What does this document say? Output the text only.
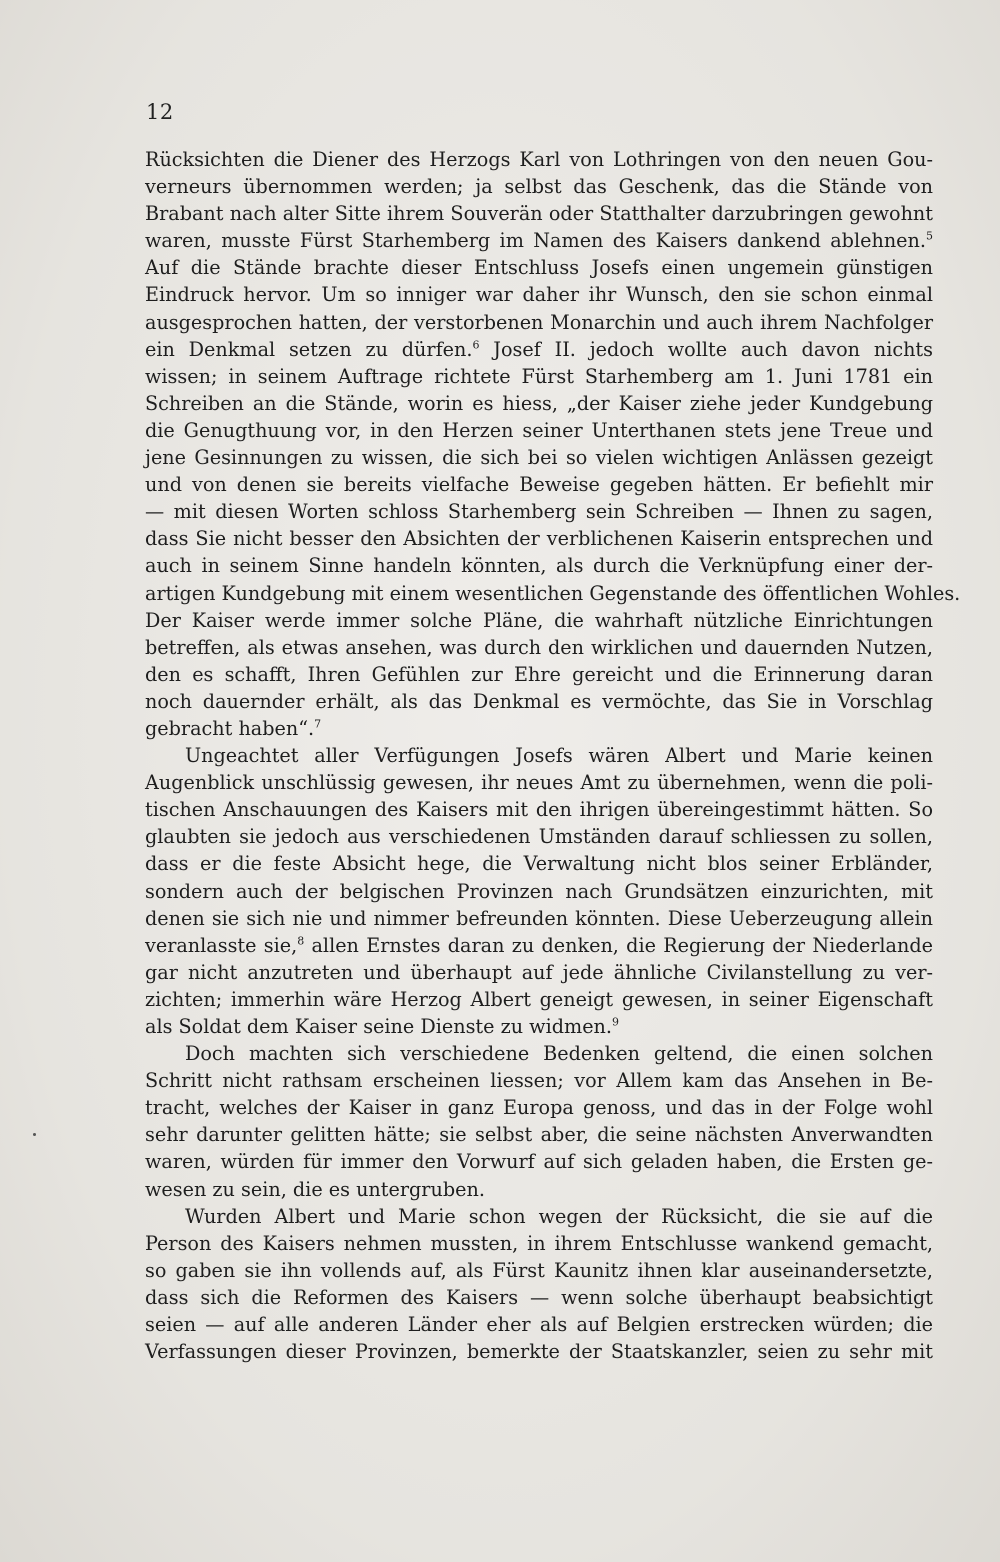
12
Rücksichten die Diener des Herzogs Karl von Lothringen von den neuen Gou-
verneurs übernommen werden; ja selbst das Geschenk, das die Stände von
Brabant nach alter Sitte ihrem Souverän oder Statthalter darzubringen gewohnt
waren, musste Fürst Starhemberg im Namen des Kaisers dankend ablehnen.$^5$
Auf die Stände brachte dieser Entschluss Josefs einen ungemein günstigen
Eindruck hervor. Um so inniger war daher ihr Wunsch, den sie schon einmal
ausgesprochen hatten, der verstorbenen Monarchin und auch ihrem Nachfolger
ein Denkmal setzen zu dürfen.$^6$ Josef II. jedoch wollte auch davon nichts
wissen; in seinem Auftrage richtete Fürst Starhemberg am 1. Juni 1781 ein
Schreiben an die Stände, worin es hiess, „der Kaiser ziehe jeder Kundgebung
die Genugthuung vor, in den Herzen seiner Unterthanen stets jene Treue und
jene Gesinnungen zu wissen, die sich bei so vielen wichtigen Anlässen gezeigt
und von denen sie bereits vielfache Beweise gegeben hätten. Er befiehlt mir
— mit diesen Worten schloss Starhemberg sein Schreiben — Ihnen zu sagen,
dass Sie nicht besser den Absichten der verblichenen Kaiserin entsprechen und
auch in seinem Sinne handeln könnten, als durch die Verknüpfung einer der-
artigen Kundgebung mit einem wesentlichen Gegenstande des öffentlichen Wohles.
Der Kaiser werde immer solche Pläne, die wahrhaft nützliche Einrichtungen
betreffen, als etwas ansehen, was durch den wirklichen und dauernden Nutzen,
den es schafft, Ihren Gefühlen zur Ehre gereicht und die Erinnerung daran
noch dauernder erhält, als das Denkmal es vermöchte, das Sie in Vorschlag
gebracht haben“.$^7$
Ungeachtet aller Verfügungen Josefs wären Albert und Marie keinen
Augenblick unschlüssig gewesen, ihr neues Amt zu übernehmen, wenn die poli-
tischen Anschauungen des Kaisers mit den ihrigen übereingestimmt hätten. So
glaubten sie jedoch aus verschiedenen Umständen darauf schliessen zu sollen,
dass er die feste Absicht hege, die Verwaltung nicht blos seiner Erbländer,
sondern auch der belgischen Provinzen nach Grundsätzen einzurichten, mit
denen sie sich nie und nimmer befreunden könnten. Diese Ueberzeugung allein
veranlasste sie,$^8$ allen Ernstes daran zu denken, die Regierung der Niederlande
gar nicht anzutreten und überhaupt auf jede ähnliche Civilanstellung zu ver-
zichten; immerhin wäre Herzog Albert geneigt gewesen, in seiner Eigenschaft
als Soldat dem Kaiser seine Dienste zu widmen.$^9$
Doch machten sich verschiedene Bedenken geltend, die einen solchen
Schritt nicht rathsam erscheinen liessen; vor Allem kam das Ansehen in Be-
tracht, welches der Kaiser in ganz Europa genoss, und das in der Folge wohl
sehr darunter gelitten hätte; sie selbst aber, die seine nächsten Anverwandten
waren, würden für immer den Vorwurf auf sich geladen haben, die Ersten ge-
wesen zu sein, die es untergruben.
Wurden Albert und Marie schon wegen der Rücksicht, die sie auf die
Person des Kaisers nehmen mussten, in ihrem Entschlusse wankend gemacht,
so gaben sie ihn vollends auf, als Fürst Kaunitz ihnen klar auseinandersetzte,
dass sich die Reformen des Kaisers — wenn solche überhaupt beabsichtigt
seien — auf alle anderen Länder eher als auf Belgien erstrecken würden; die
Verfassungen dieser Provinzen, bemerkte der Staatskanzler, seien zu sehr mit
